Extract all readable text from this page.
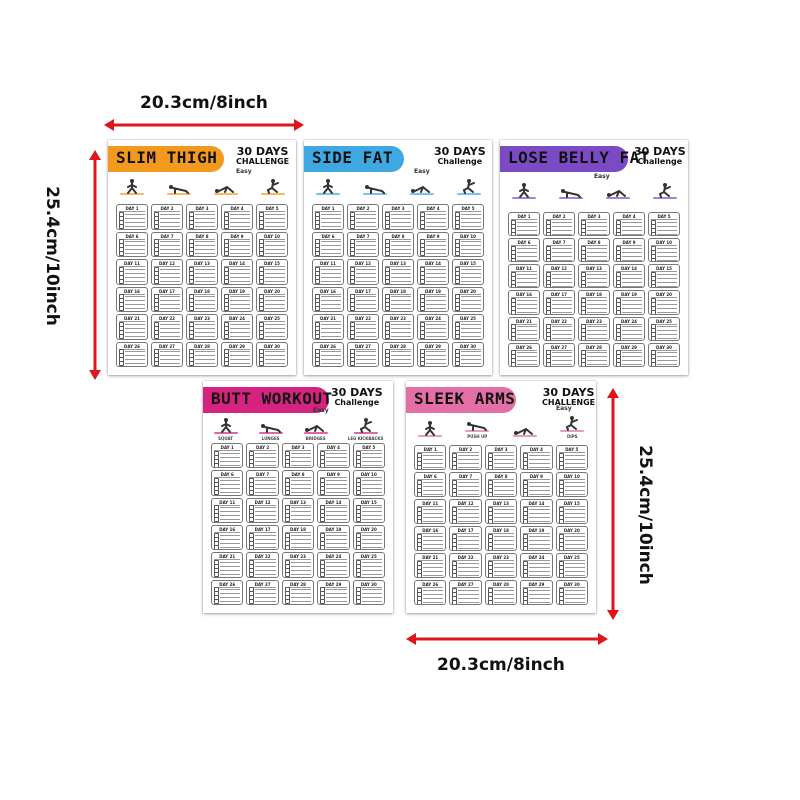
20.3cm/8inch
25.4cm/10inch
25.4cm/10inch
20.3cm/8inch
SLIM THIGH 30 DAYS
CHALLENGE
Easy
DAY 1	DAY 2	DAY 3	DAY 4	DAY 5
DAY 6	DAY 7	DAY 8	DAY 9	DAY 10
DAY 11	DAY 12	DAY 13	DAY 14	DAY 15
DAY 16	DAY 17	DAY 18	DAY 19	DAY 20
DAY 21	DAY 22	DAY 23	DAY 24	DAY 25
DAY 26	DAY 27	DAY 28	DAY 29	DAY 30
SIDE FAT	30 DAYS
Challenge
Easy
DAY 1	DAY 2	DAY 3	DAY 4	DAY 5
DAY 6	DAY 7	DAY 8	DAY 9	DAY 10
DAY 11	DAY 12	DAY 13	DAY 14	DAY 15
DAY 16	DAY 17	DAY 18	DAY 19	DAY 20
DAY 21	DAY 22	DAY 23	DAY 24	DAY 25
DAY 26	DAY 27	DAY 28	DAY 29	DAY 30
LOSE BELLY FAT
30 DAYS
Challenge
Easy
DAY 1	DAY 2	DAY 3	DAY 4	DAY 5
DAY 6	DAY 7	DAY 8	DAY 9	DAY 10
DAY 11	DAY 12	DAY 13	DAY 14	DAY 15
DAY 16	DAY 17	DAY 18	DAY 19	DAY 20
DAY 21	DAY 22	DAY 23	DAY 24	DAY 25
DAY 26	DAY 27	DAY 28	DAY 29	DAY 30
BUTT WORKOUT
30 DAYS
Challenge
Easy
SQUAT	LUNGES	BRIDGES	LEG KICKBACKS
DAY 1	DAY 2	DAY 3	DAY 4	DAY 5
DAY 6	DAY 7	DAY 8	DAY 9	DAY 10
DAY 11	DAY 12	DAY 13	DAY 14	DAY 15
DAY 16	DAY 17	DAY 18	DAY 19	DAY 20
DAY 21	DAY 22	DAY 23	DAY 24	DAY 25
DAY 26	DAY 27	DAY 28	DAY 29	DAY 30
SLEEK ARMS 30 DAYS
CHALLENGE
Easy
PUSH UP	DIPS
DAY 1	DAY 2	DAY 3	DAY 4	DAY 5
DAY 6	DAY 7	DAY 8	DAY 9	DAY 10
DAY 11	DAY 12	DAY 13	DAY 14	DAY 15
DAY 16	DAY 17	DAY 18	DAY 19	DAY 20
DAY 21	DAY 22	DAY 23	DAY 24	DAY 25
DAY 26	DAY 27	DAY 28	DAY 29	DAY 30
